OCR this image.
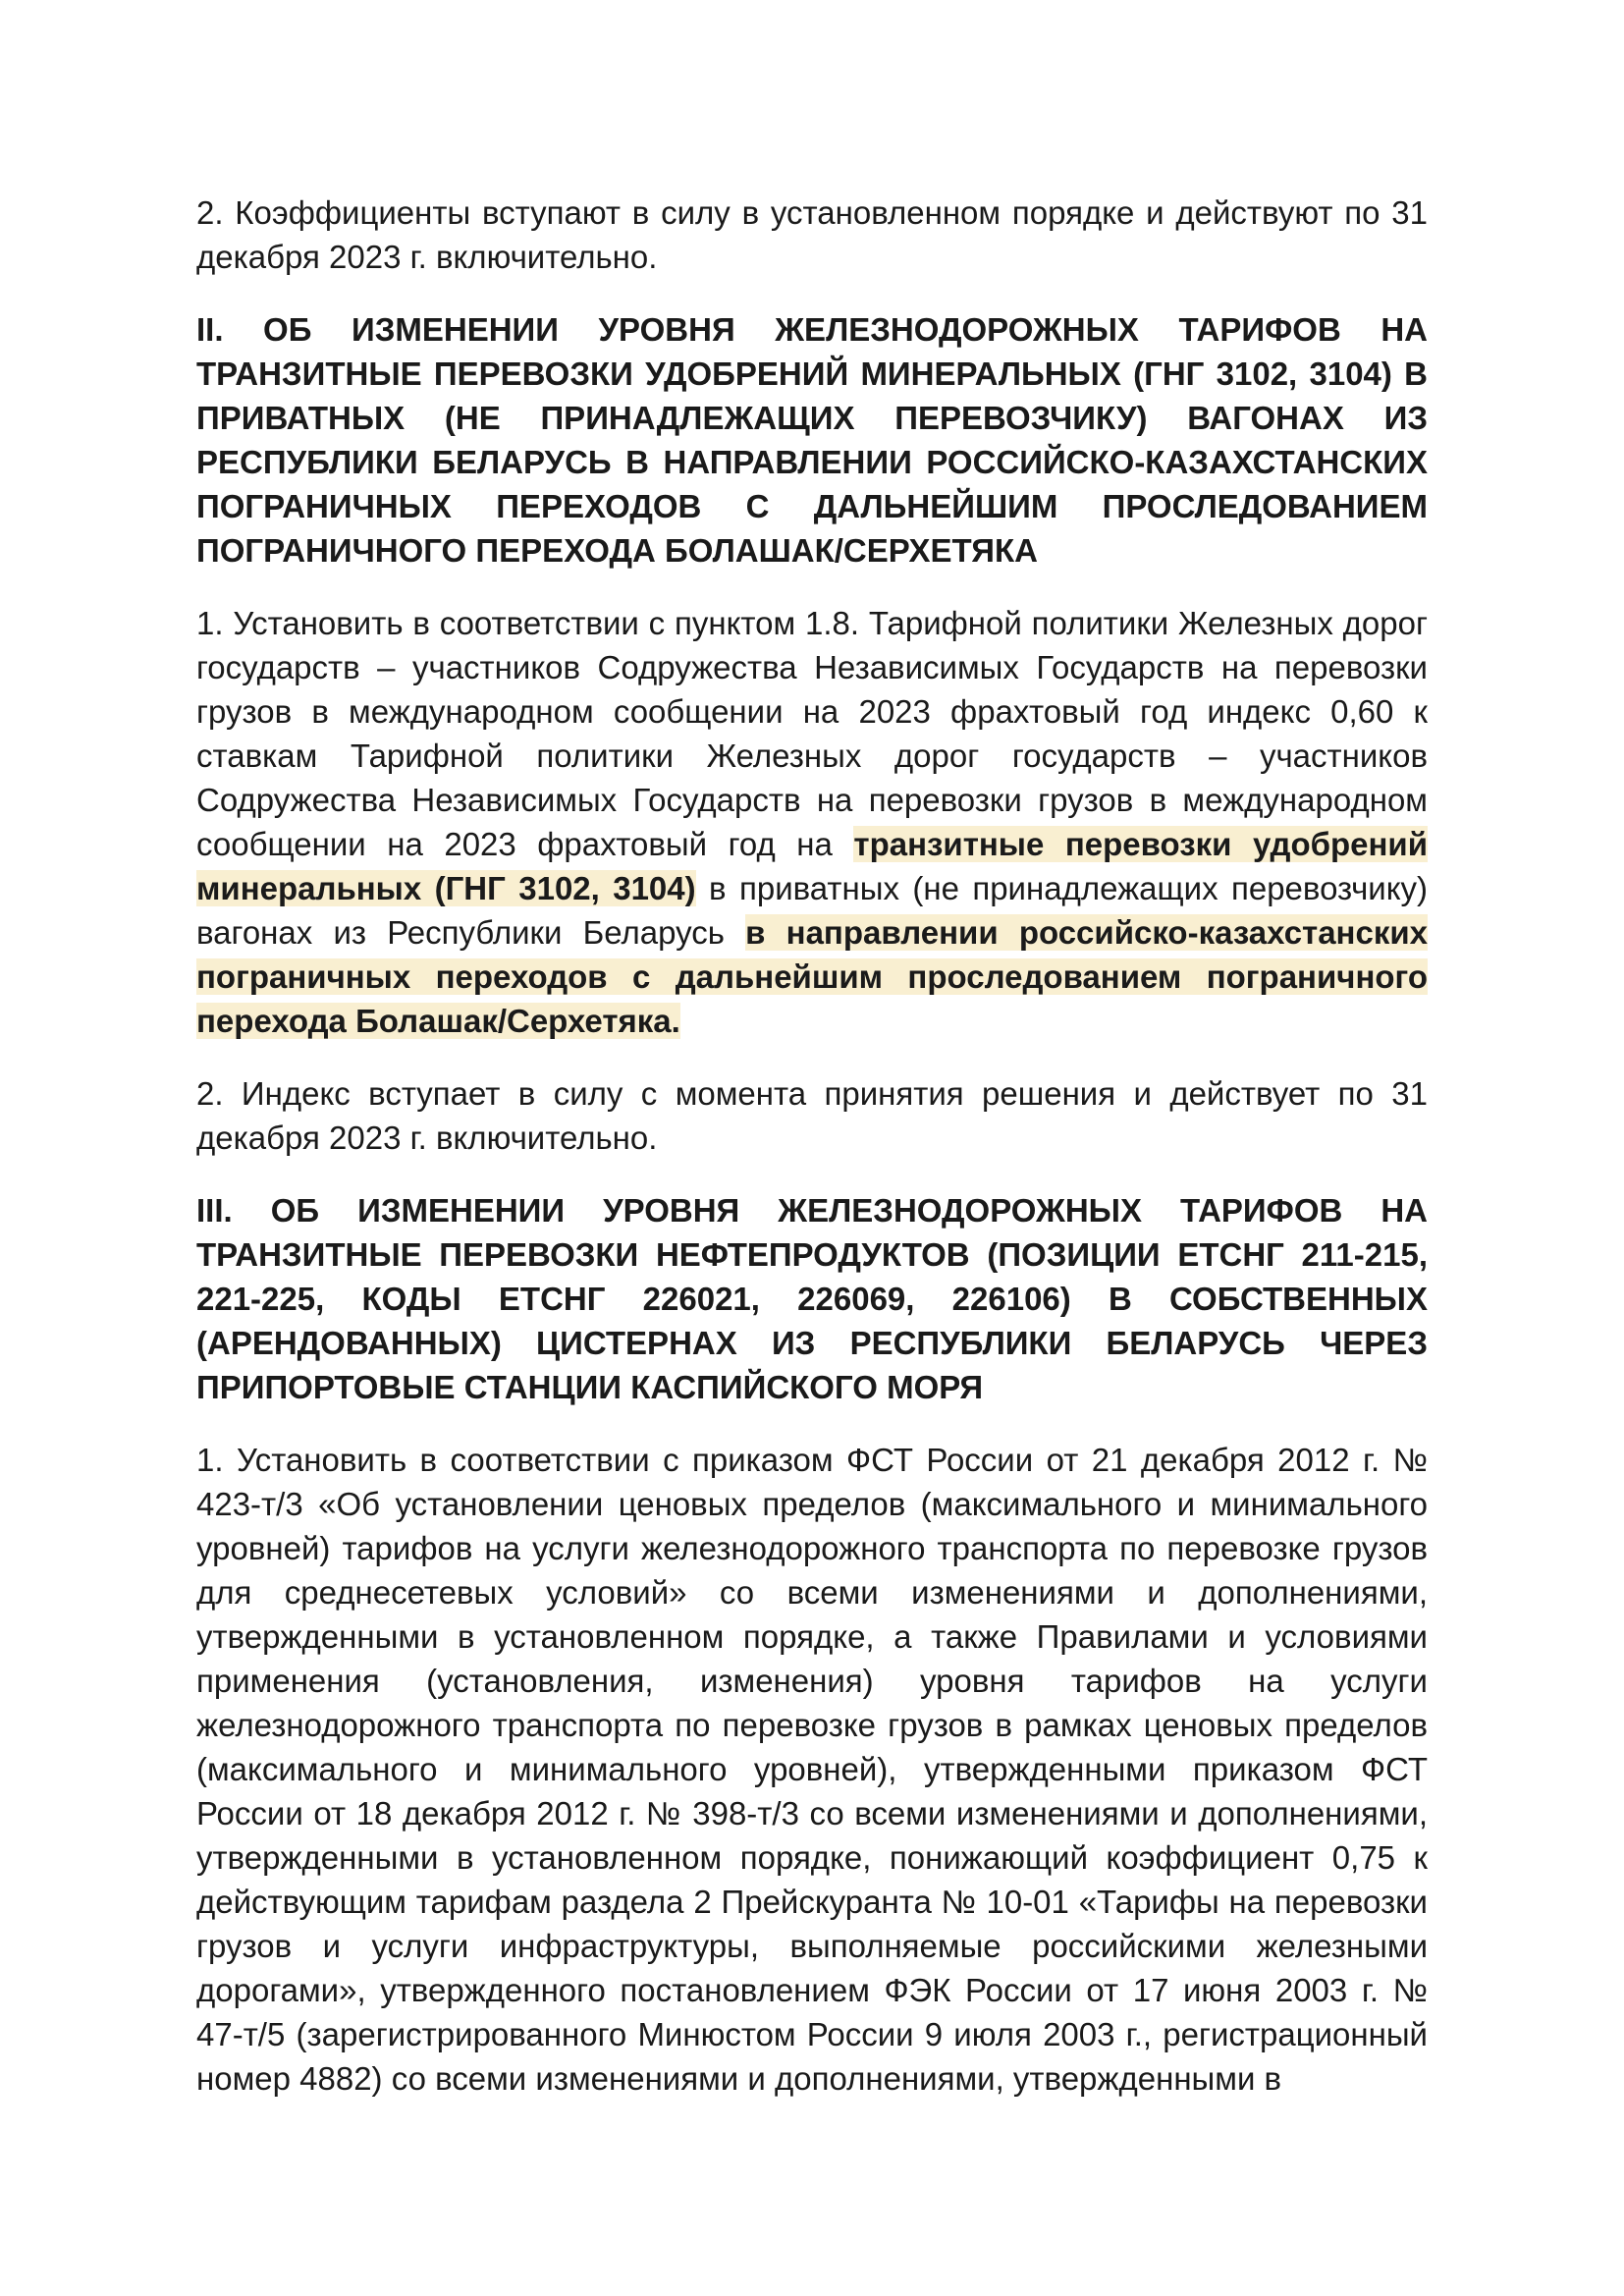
2. Коэффициенты вступают в силу в установленном порядке и действуют по 31 декабря 2023 г. включительно.

II. ОБ ИЗМЕНЕНИИ УРОВНЯ ЖЕЛЕЗНОДОРОЖНЫХ ТАРИФОВ НА ТРАНЗИТНЫЕ ПЕРЕВОЗКИ УДОБРЕНИЙ МИНЕРАЛЬНЫХ (ГНГ 3102, 3104) В ПРИВАТНЫХ (НЕ ПРИНАДЛЕЖАЩИХ ПЕРЕВОЗЧИКУ) ВАГОНАХ ИЗ РЕСПУБЛИКИ БЕЛАРУСЬ В НАПРАВЛЕНИИ РОССИЙСКО-КАЗАХСТАНСКИХ ПОГРАНИЧНЫХ ПЕРЕХОДОВ С ДАЛЬНЕЙШИМ ПРОСЛЕДОВАНИЕМ ПОГРАНИЧНОГО ПЕРЕХОДА БОЛАШАК/СЕРХЕТЯКА

1. Установить в соответствии с пунктом 1.8. Тарифной политики Железных дорог государств – участников Содружества Независимых Государств на перевозки грузов в международном сообщении на 2023 фрахтовый год индекс 0,60 к ставкам Тарифной политики Железных дорог государств – участников Содружества Независимых Государств на перевозки грузов в международном сообщении на 2023 фрахтовый год на транзитные перевозки удобрений минеральных (ГНГ 3102, 3104) в приватных (не принадлежащих перевозчику) вагонах из Республики Беларусь в направлении российско-казахстанских пограничных переходов с дальнейшим проследованием пограничного перехода Болашак/Серхетяка.

2. Индекс вступает в силу с момента принятия решения и действует по 31 декабря 2023 г. включительно.

III. ОБ ИЗМЕНЕНИИ УРОВНЯ ЖЕЛЕЗНОДОРОЖНЫХ ТАРИФОВ НА ТРАНЗИТНЫЕ ПЕРЕВОЗКИ НЕФТЕПРОДУКТОВ (ПОЗИЦИИ ЕТСНГ 211-215, 221-225, КОДЫ ЕТСНГ 226021, 226069, 226106) В СОБСТВЕННЫХ (АРЕНДОВАННЫХ) ЦИСТЕРНАХ ИЗ РЕСПУБЛИКИ БЕЛАРУСЬ ЧЕРЕЗ ПРИПОРТОВЫЕ СТАНЦИИ КАСПИЙСКОГО МОРЯ

1. Установить в соответствии с приказом ФСТ России от 21 декабря 2012 г. № 423-т/3 «Об установлении ценовых пределов (максимального и минимального уровней) тарифов на услуги железнодорожного транспорта по перевозке грузов для среднесетевых условий» со всеми изменениями и дополнениями, утвержденными в установленном порядке, а также Правилами и условиями применения (установления, изменения) уровня тарифов на услуги железнодорожного транспорта по перевозке грузов в рамках ценовых пределов (максимального и минимального уровней), утвержденными приказом ФСТ России от 18 декабря 2012 г. № 398-т/3 со всеми изменениями и дополнениями, утвержденными в установленном порядке, понижающий коэффициент 0,75 к действующим тарифам раздела 2 Прейскуранта № 10-01 «Тарифы на перевозки грузов и услуги инфраструктуры, выполняемые российскими железными дорогами», утвержденного постановлением ФЭК России от 17 июня 2003 г. № 47-т/5 (зарегистрированного Минюстом России 9 июля 2003 г., регистрационный номер 4882) со всеми изменениями и дополнениями, утвержденными в
